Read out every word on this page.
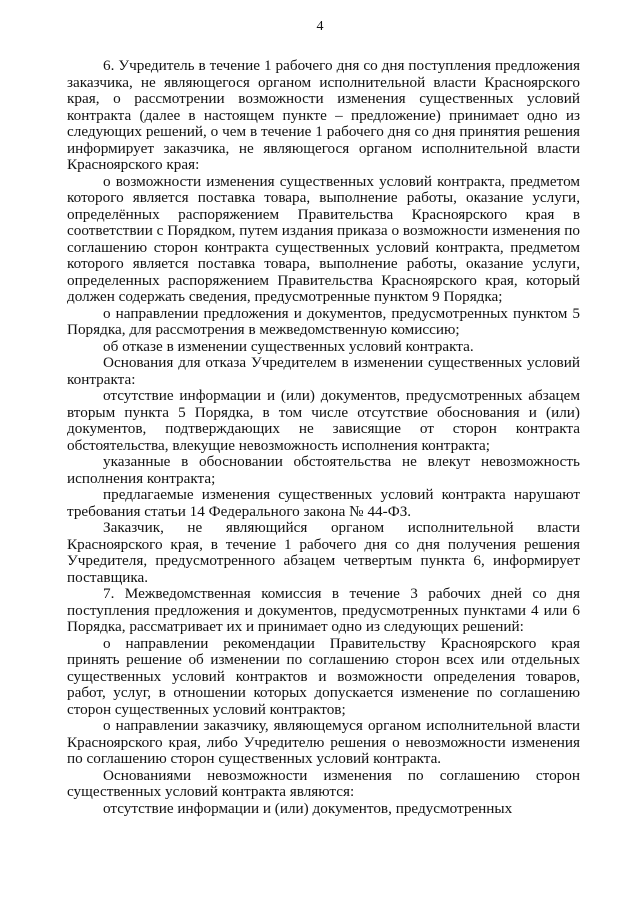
4

6. Учредитель в течение 1 рабочего дня со дня поступления предложения заказчика, не являющегося органом исполнительной власти Красноярского края, о рассмотрении возможности изменения существенных условий контракта (далее в настоящем пункте – предложение) принимает одно из следующих решений, о чем в течение 1 рабочего дня со дня принятия решения информирует заказчика, не являющегося органом исполнительной власти Красноярского края:

о возможности изменения существенных условий контракта, предметом которого является поставка товара, выполнение работы, оказание услуги, определённых распоряжением Правительства Красноярского края в соответствии с Порядком, путем издания приказа о возможности изменения по соглашению сторон контракта существенных условий контракта, предметом которого является поставка товара, выполнение работы, оказание услуги, определенных распоряжением Правительства Красноярского края, который должен содержать сведения, предусмотренные пунктом 9 Порядка;

о направлении предложения и документов, предусмотренных пунктом 5 Порядка, для рассмотрения в межведомственную комиссию;

об отказе в изменении существенных условий контракта.

Основания для отказа Учредителем в изменении существенных условий контракта:

отсутствие информации и (или) документов, предусмотренных абзацем вторым пункта 5 Порядка, в том числе отсутствие обоснования и (или) документов, подтверждающих не зависящие от сторон контракта обстоятельства, влекущие невозможность исполнения контракта;

указанные в обосновании обстоятельства не влекут невозможность исполнения контракта;

предлагаемые изменения существенных условий контракта нарушают требования статьи 14 Федерального закона № 44-ФЗ.

Заказчик, не являющийся органом исполнительной власти Красноярского края, в течение 1 рабочего дня со дня получения решения Учредителя, предусмотренного абзацем четвертым пункта 6, информирует поставщика.

7. Межведомственная комиссия в течение 3 рабочих дней со дня поступления предложения и документов, предусмотренных пунктами 4 или 6 Порядка, рассматривает их и принимает одно из следующих решений:

о направлении рекомендации Правительству Красноярского края принять решение об изменении по соглашению сторон всех или отдельных существенных условий контрактов и возможности определения товаров, работ, услуг, в отношении которых допускается изменение по соглашению сторон существенных условий контрактов;

о направлении заказчику, являющемуся органом исполнительной власти Красноярского края, либо Учредителю решения о невозможности изменения по соглашению сторон существенных условий контракта.

Основаниями невозможности изменения по соглашению сторон существенных условий контракта являются:

отсутствие информации и (или) документов, предусмотренных
